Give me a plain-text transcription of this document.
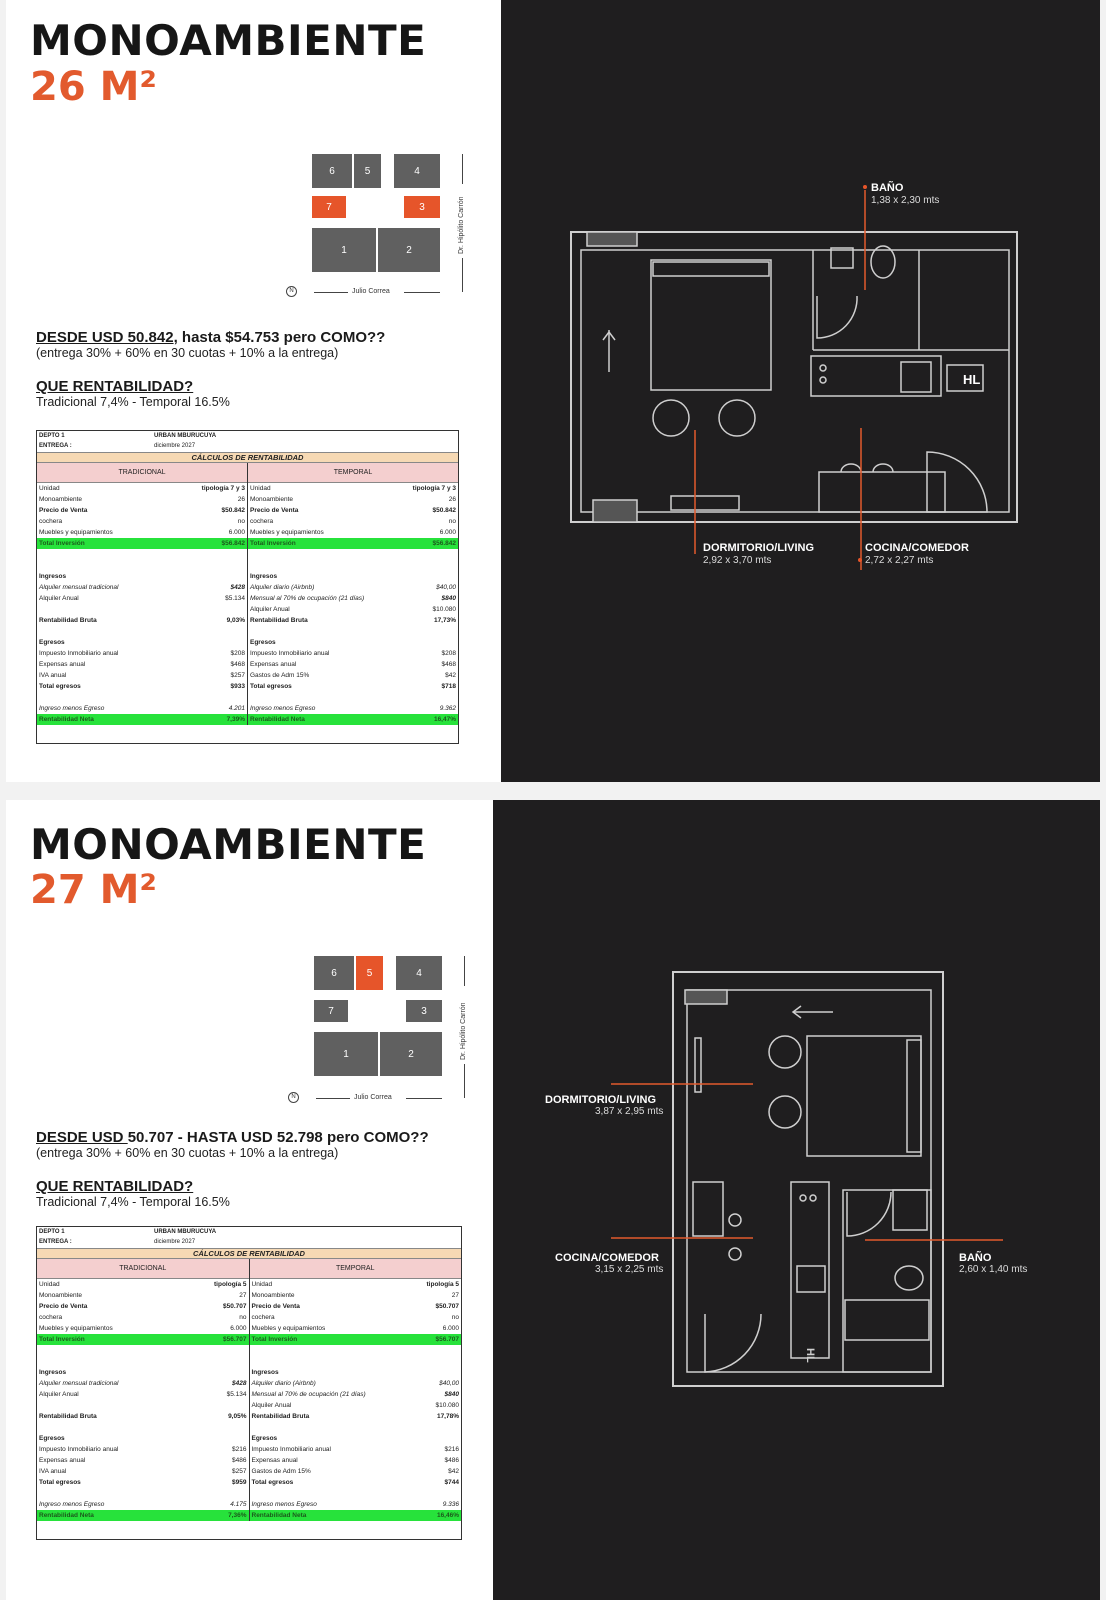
MONOAMBIENTE
26 M²
6	5	4
7	3
1	2
N	Julio Correa
Dr. Hipólito Carrón
DESDE USD 50.842, hasta $54.753 pero COMO??
(entrega 30% + 60% en 30 cuotas + 10% a la entrega)
QUE RENTABILIDAD?
Tradicional 7,4% - Temporal 16.5%
DEPTO 1
ENTREGA :
URBAN MBURUCUYA
diciembre 2027
CÁLCULOS DE RENTABILIDAD
TRADICIONAL
Unidad	tipología 7 y 3
Monoambiente	26
Precio de Venta	$50.842
cochera	no
Muebles y equipamientos	6.000
Total Inversión	$56.842
Ingresos
Alquiler mensual tradicional	$428
Alquiler Anual	$5.134
Rentabilidad Bruta	9,03%
Egresos
Impuesto Inmobiliario anual	$208
Expensas anual	$468
IVA anual	$257
Total egresos	$933
Ingreso menos Egreso	4.201
Rentabilidad Neta	7,39%
TEMPORAL
Unidad	tipología 7 y 3
Monoambiente	26
Precio de Venta	$50.842
cochera	no
Muebles y equipamientos	6.000
Total Inversión	$56.842
Ingresos
Alquiler diario (Airbnb)	$40,00
Mensual al 70% de ocupación (21 días)	$840
Alquiler Anual	$10.080
Rentabilidad Bruta	17,73%
Egresos
Impuesto Inmobiliario anual	$208
Expensas anual	$468
Gastos de Adm 15%	$42
Total egresos	$718
Ingreso menos Egreso	9.362
Rentabilidad Neta	16,47%
HL
BAÑO
1,38 x 2,30 mts
DORMITORIO/LIVING
2,92 x 3,70 mts
COCINA/COMEDOR
2,72 x 2,27 mts
MONOAMBIENTE
27 M²
6	5	4
7	3
1	2
N	Julio Correa
Dr. Hipólito Carrón
DESDE USD 50.707 - HASTA USD 52.798 pero COMO??
(entrega 30% + 60% en 30 cuotas + 10% a la entrega)
QUE RENTABILIDAD?
Tradicional 7,4% - Temporal 16.5%
DEPTO 1
ENTREGA :
URBAN MBURUCUYA
diciembre 2027
CÁLCULOS DE RENTABILIDAD
TRADICIONAL
Unidad	tipología 5
Monoambiente	27
Precio de Venta	$50.707
cochera	no
Muebles y equipamientos	6.000
Total Inversión	$56.707
Ingresos
Alquiler mensual tradicional	$428
Alquiler Anual	$5.134
Rentabilidad Bruta	9,05%
Egresos
Impuesto Inmobiliario anual	$216
Expensas anual	$486
IVA anual	$257
Total egresos	$959
Ingreso menos Egreso	4.175
Rentabilidad Neta	7,36%
TEMPORAL
Unidad	tipología 5
Monoambiente	27
Precio de Venta	$50.707
cochera	no
Muebles y equipamientos	6.000
Total Inversión	$56.707
Ingresos
Alquiler diario (Airbnb)	$40,00
Mensual al 70% de ocupación (21 días)	$840
Alquiler Anual	$10.080
Rentabilidad Bruta	17,78%
Egresos
Impuesto Inmobiliario anual	$216
Expensas anual	$486
Gastos de Adm 15%	$42
Total egresos	$744
Ingreso menos Egreso	9.336
Rentabilidad Neta	16,46%
HL
DORMITORIO/LIVING
3,87 x 2,95 mts
COCINA/COMEDOR
3,15 x 2,25 mts
BAÑO
2,60 x 1,40 mts
